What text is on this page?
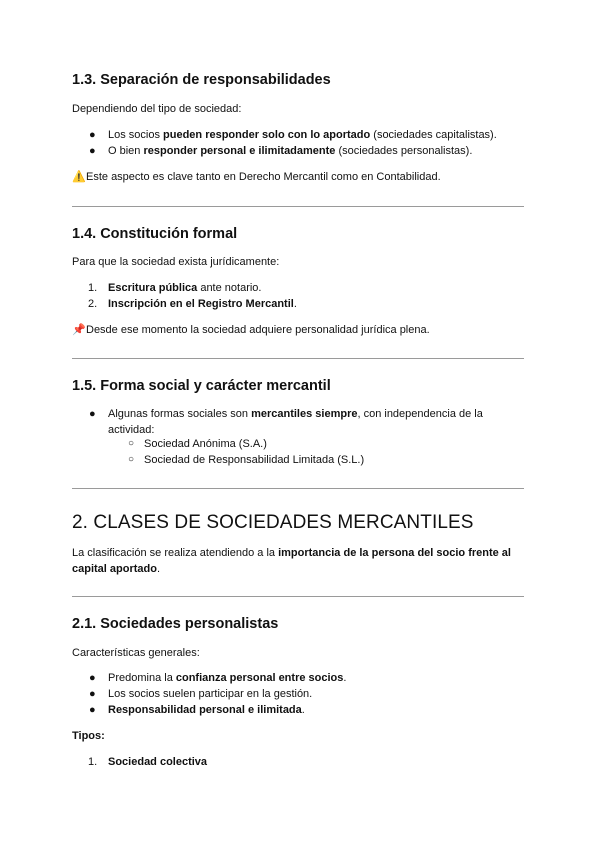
1.3. Separación de responsabilidades

Dependiendo del tipo de sociedad:

● Los socios pueden responder solo con lo aportado (sociedades capitalistas).
● O bien responder personal e ilimitadamente (sociedades personalistas).

⚠️Este aspecto es clave tanto en Derecho Mercantil como en Contabilidad.

1.4. Constitución formal

Para que la sociedad exista jurídicamente:

1. Escritura pública ante notario.
2. Inscripción en el Registro Mercantil.

📌Desde ese momento la sociedad adquiere personalidad jurídica plena.

1.5. Forma social y carácter mercantil
● Algunas formas sociales son mercantiles siempre, con independencia de la
actividad:
○ Sociedad Anónima (S.A.)
○ Sociedad de Responsabilidad Limitada (S.L.)
2. CLASES DE SOCIEDADES MERCANTILES

La clasificación se realiza atendiendo a la importancia de la persona del socio frente al
capital aportado.

2.1. Sociedades personalistas

Características generales:

● Predomina la confianza personal entre socios.
● Los socios suelen participar en la gestión.
● Responsabilidad personal e ilimitada.

Tipos:

1. Sociedad colectiva
